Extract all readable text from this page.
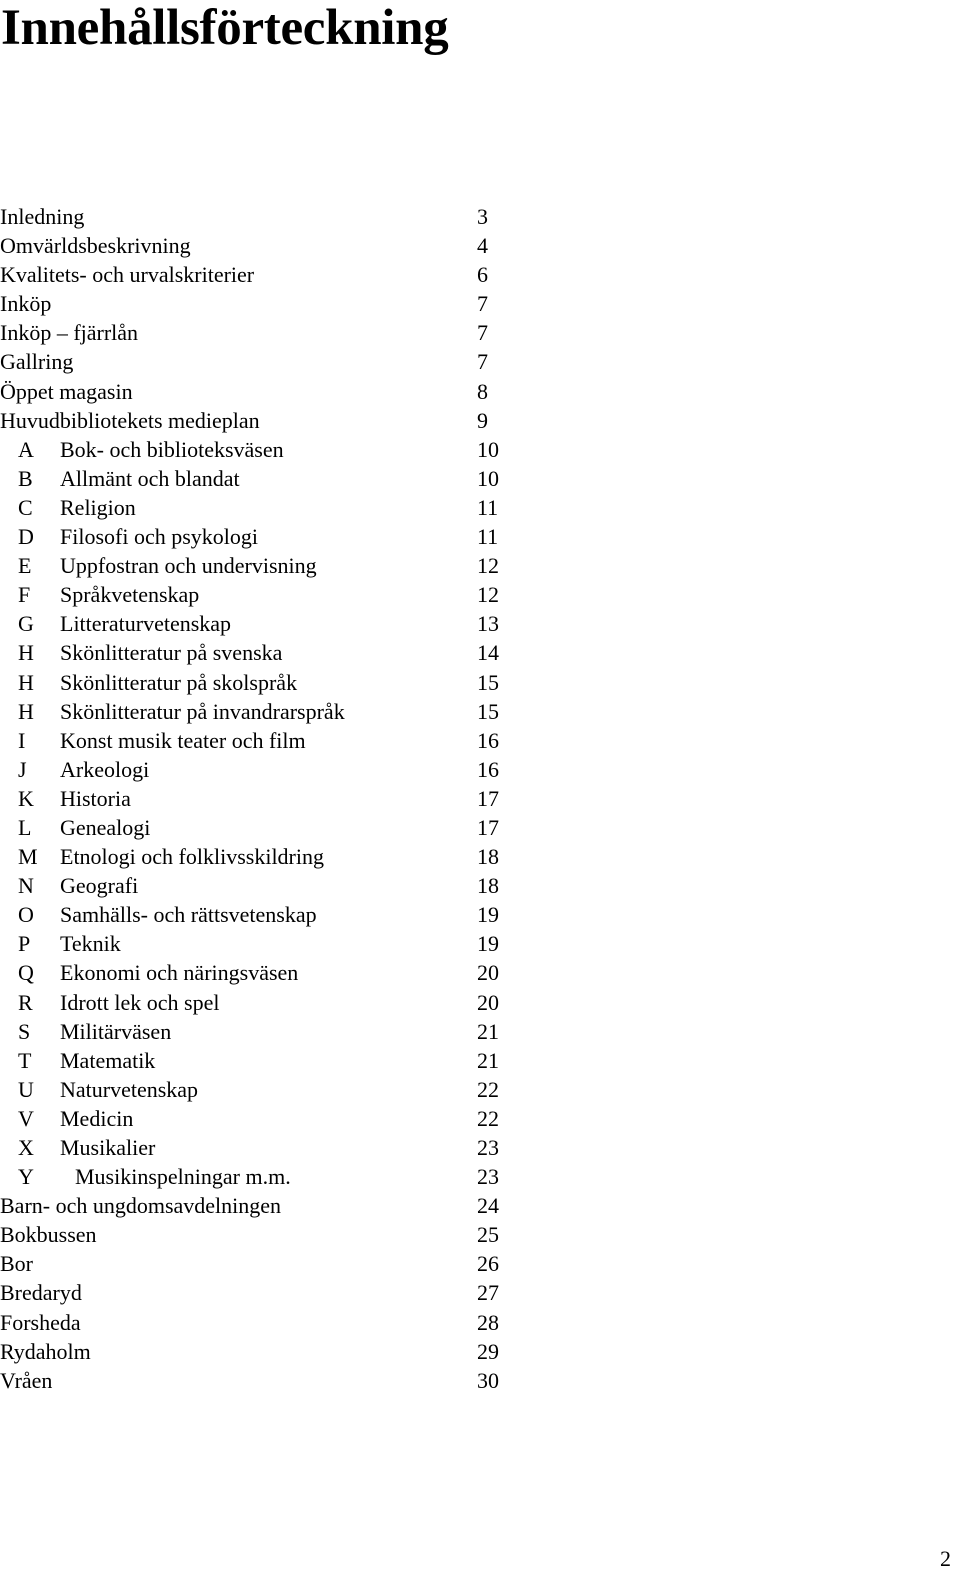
Innehållsförteckning
Inledning	3
Omvärldsbeskrivning	4
Kvalitets- och urvalskriterier	6
Inköp	7
Inköp – fjärrlån	7
Gallring	7
Öppet magasin	8
Huvudbibliotekets medieplan	9
A Bok- och biblioteksväsen	10
B Allmänt och blandat	10
C Religion	11
D Filosofi och psykologi	11
E Uppfostran och undervisning	12
F Språkvetenskap	12
G Litteraturvetenskap	13
H Skönlitteratur på svenska	14
H Skönlitteratur på skolspråk	15
H Skönlitteratur på invandrarspråk	15
I Konst musik teater och film	16
J Arkeologi	16
K Historia	17
L Genealogi	17
M Etnologi och folklivsskildring	18
N Geografi	18
O Samhälls- och rättsvetenskap	19
P Teknik	19
Q Ekonomi och näringsväsen	20
R Idrott lek och spel	20
S Militärväsen	21
T Matematik	21
U Naturvetenskap	22
V Medicin	22
X Musikalier	23
Y Musikinspelningar m.m.	23
Barn- och ungdomsavdelningen	24
Bokbussen	25
Bor	26
Bredaryd	27
Forsheda	28
Rydaholm	29
Vråen	30
2
